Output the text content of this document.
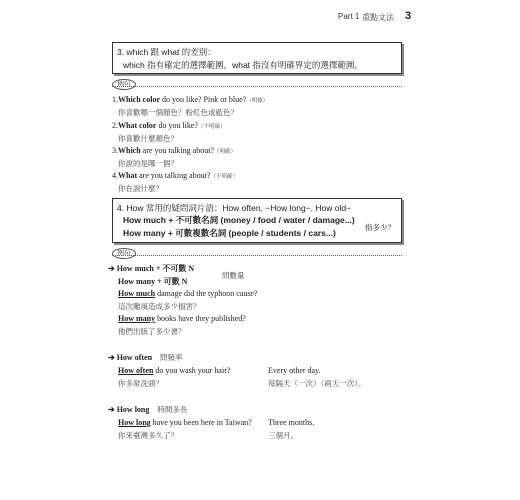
Part 1 重點文法 3
3. which 跟 what 的差別：
which 指有確定的選擇範圍，what 指沒有明確界定的選擇範圍。
例句
1.Which color do you like? Pink or blue?（明確）
你喜歡哪一個顏色？粉紅色或藍色？
2.What color do you like?（不明確）
你喜歡什麼顏色？
3.Which are you talking about?（明確）
你說的是哪一個？
4.What are you talking about?（不明確）
你在說什麼？
4. How 常用的疑問詞片語：How often, −How long−, How old−
How much + 不可數名詞 (money / food / water / damage...)
How many + 可數複數名詞 (people / students / cars...)
指多少？
例句
➔ How much + 不可數 N
How many + 可數 N
問數量
How much damage did the typhoon cause?
這次颱風造成多少損害？
How many books have they published?
他們出版了多少書？
➔ How often 問頻率
How often do you wash your hair?	Every other day.
你多常洗頭？	每隔天（一次）（兩天一次）。
➔ How long 時間多長
How long have you been here in Taiwan? Three months.
你來臺灣多久了？	三個月。
